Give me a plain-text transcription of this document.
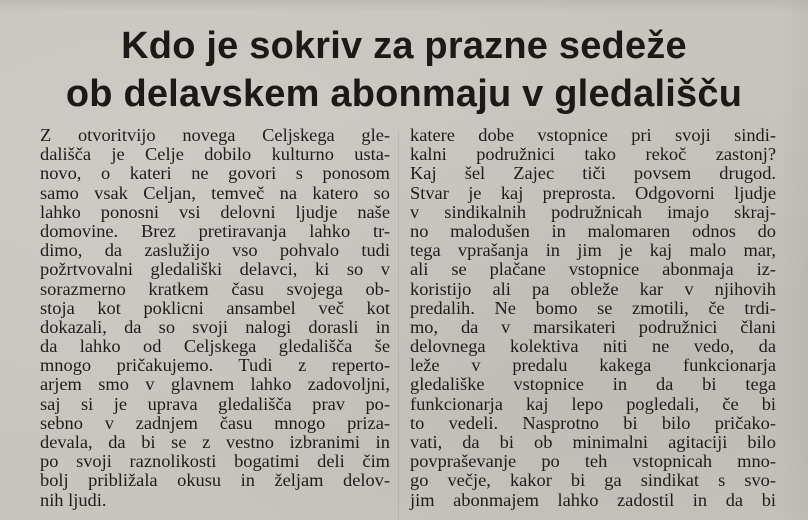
Kdo je sokriv za prazne sedeže
ob delavskem abonmaju v gledališču
Z otvoritvijo novega Celjskega gle-
dališča je Celje dobilo kulturno usta-
novo, o kateri ne govori s ponosom
samo vsak Celjan, temveč na katero so
lahko ponosni vsi delovni ljudje naše
domovine. Brez pretiravanja lahko tr-
dimo, da zaslužijo vso pohvalo tudi
požrtvovalni gledališki delavci, ki so v
sorazmerno kratkem času svojega ob-
stoja kot poklicni ansambel več kot
dokazali, da so svoji nalogi dorasli in
da lahko od Celjskega gledališča še
mnogo pričakujemo. Tudi z reperto-
arjem smo v glavnem lahko zadovoljni,
saj si je uprava gledališča prav po-
sebno v zadnjem času mnogo priza-
devala, da bi se z vestno izbranimi in
po svoji raznolikosti bogatimi deli čim
bolj približala okusu in željam delov-
nih ljudi.
katere dobe vstopnice pri svoji sindi-
kalni podružnici tako rekoč zastonj?
Kaj šel Zajec tiči povsem drugod.
Stvar je kaj preprosta. Odgovorni ljudje
v sindikalnih podružnicah imajo skraj-
no malodušen in malomaren odnos do
tega vprašanja in jim je kaj malo mar,
ali se plačane vstopnice abonmaja iz-
koristijo ali pa obleže kar v njihovih
predalih. Ne bomo se zmotili, če trdi-
mo, da v marsikateri podružnici člani
delovnega kolektiva niti ne vedo, da
leže v predalu kakega funkcionarja
gledališke vstopnice in da bi tega
funkcionarja kaj lepo pogledali, če bi
to vedeli. Nasprotno bi bilo pričako-
vati, da bi ob minimalni agitaciji bilo
povpraševanje po teh vstopnicah mno-
go večje, kakor bi ga sindikat s svo-
jim abonmajem lahko zadostil in da bi
